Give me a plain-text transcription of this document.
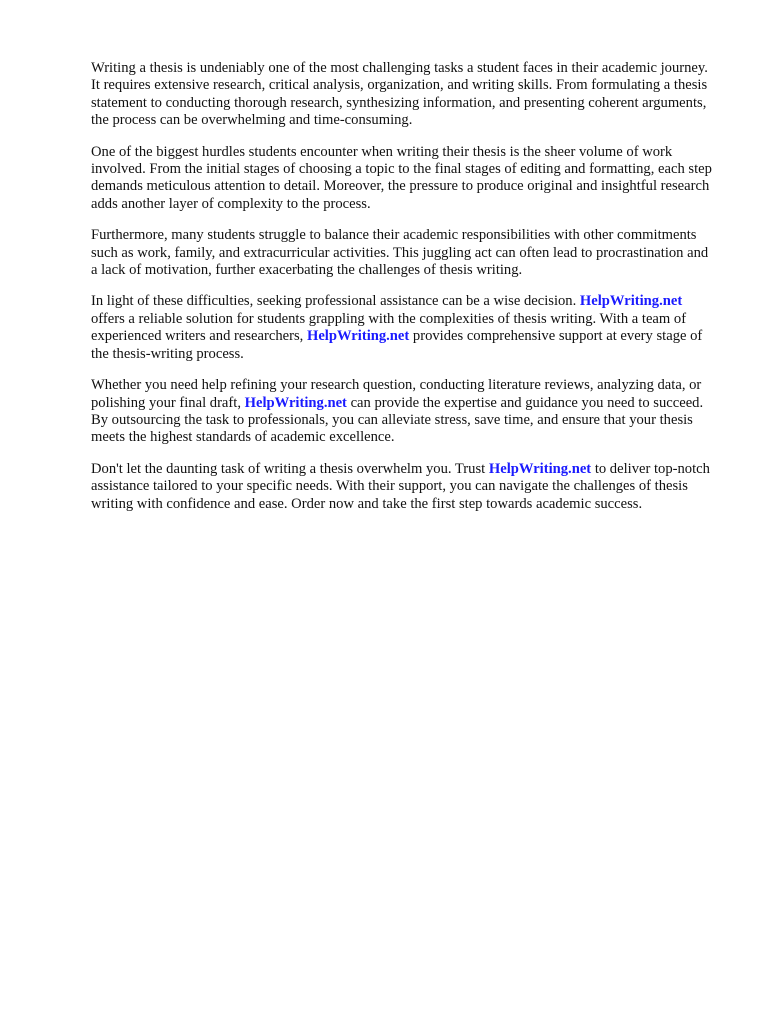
Writing a thesis is undeniably one of the most challenging tasks a student faces in their academic journey. It requires extensive research, critical analysis, organization, and writing skills. From formulating a thesis statement to conducting thorough research, synthesizing information, and presenting coherent arguments, the process can be overwhelming and time-consuming.

One of the biggest hurdles students encounter when writing their thesis is the sheer volume of work involved. From the initial stages of choosing a topic to the final stages of editing and formatting, each step demands meticulous attention to detail. Moreover, the pressure to produce original and insightful research adds another layer of complexity to the process.

Furthermore, many students struggle to balance their academic responsibilities with other commitments such as work, family, and extracurricular activities. This juggling act can often lead to procrastination and a lack of motivation, further exacerbating the challenges of thesis writing.

In light of these difficulties, seeking professional assistance can be a wise decision. HelpWriting.net offers a reliable solution for students grappling with the complexities of thesis writing. With a team of experienced writers and researchers, HelpWriting.net provides comprehensive support at every stage of the thesis-writing process.

Whether you need help refining your research question, conducting literature reviews, analyzing data, or polishing your final draft, HelpWriting.net can provide the expertise and guidance you need to succeed. By outsourcing the task to professionals, you can alleviate stress, save time, and ensure that your thesis meets the highest standards of academic excellence.

Don't let the daunting task of writing a thesis overwhelm you. Trust HelpWriting.net to deliver top-notch assistance tailored to your specific needs. With their support, you can navigate the challenges of thesis writing with confidence and ease. Order now and take the first step towards academic success.
